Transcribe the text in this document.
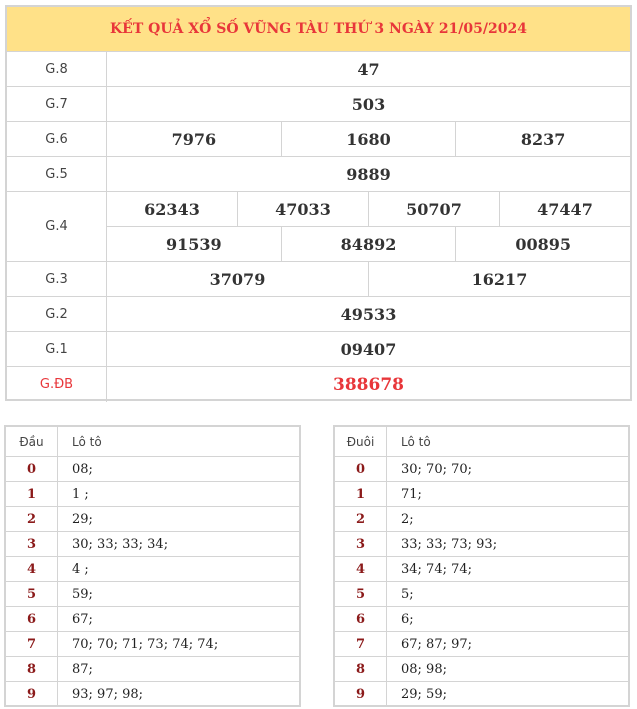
KẾT QUẢ XỔ SỐ VŨNG TÀU THỨ 3 NGÀY 21/05/2024
G.8	47
G.7	503
G.6	7976	1680	8237
G.5	9889
G.4
62343	47033	50707	47447
91539	84892	00895
G.3	37079	16217
G.2	49533
G.1	09407
G.ĐB	388678
Đầu	Lô tô
0	08;
1	1 ;
2	29;
3	30; 33; 33; 34;
4	4 ;
5	59;
6	67;
7	70; 70; 71; 73; 74; 74;
8	87;
9	93; 97; 98;
Đuôi	Lô tô
0	30; 70; 70;
1	71;
2	2;
3	33; 33; 73; 93;
4	34; 74; 74;
5	5;
6	6;
7	67; 87; 97;
8	08; 98;
9	29; 59;
